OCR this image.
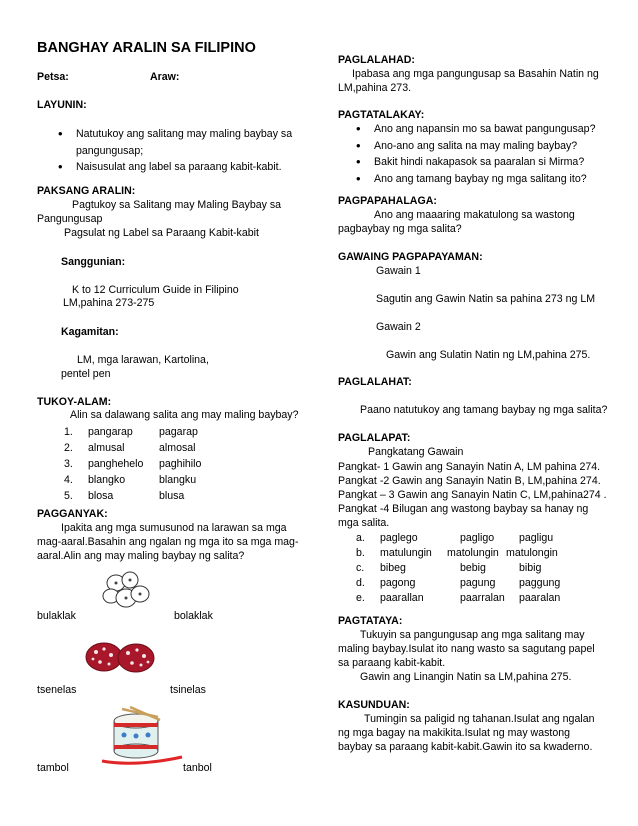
BANGHAY ARALIN SA FILIPINO
Petsa:	Araw:
LAYUNIN:
• Natutukoy ang salitang may maling baybay sa
pangungusap;
• Naisusulat ang label sa paraang kabit-kabit.
PAKSANG ARALIN:
Pagtukoy sa Salitang may Maling Baybay sa
Pangungusap
Pagsulat ng Label sa Paraang Kabit-kabit
Sanggunian:
K to 12 Curriculum Guide in Filipino
LM,pahina 273-275
Kagamitan:
LM, mga larawan, Kartolina,
pentel pen
TUKOY-ALAM:
Alin sa dalawang salita ang may maling baybay?
1. pangarap pagarap
2. almusal	almosal
3. panghehelo paghihilo
4. blangko	blangku
5. blosa	blusa
PAGGANYAK:
Ipakita ang mga sumusunod na larawan sa mga
mag-aaral.Basahin ang ngalan ng mga ito sa mga mag-
aaral.Alin ang may maling baybay ng salita?
bulaklak	bolaklak
tsenelas	tsinelas
tambol	tanbol
PAGLALAHAD:
Ipabasa ang mga pangungusap sa Basahin Natin ng
LM,pahina 273.
PAGTATALAKAY:
• Ano ang napansin mo sa bawat pangungusap?
• Ano-ano ang salita na may maling baybay?
• Bakit hindi nakapasok sa paaralan si Mirma?
• Ano ang tamang baybay ng mga salitang ito?
´
PAGPAPAHALAGA:
Ano ang maaaring makatulong sa wastong
pagbaybay ng mga salita?
GAWAING PAGPAPAYAMAN:
Gawain 1
Sagutin ang Gawin Natin sa pahina 273 ng LM
Gawain 2
Gawin ang Sulatin Natin ng LM,pahina 275.
PAGLALAHAT:
Paano natutukoy ang tamang baybay ng mga salita?
PAGLALAPAT:
Pangkatang Gawain
Pangkat- 1 Gawin ang Sanayin Natin A, LM pahina 274.
Pangkat -2 Gawin ang Sanayin Natin B, LM,pahina 274.
Pangkat – 3 Gawin ang Sanayin Natin C, LM,pahina274 .
Pangkat -4 Bilugan ang wastong baybay sa hanay ng
mga salita.
a. paglego	pagligo pagligu
b. matulungin matolungin matulongin
c. bibeg	bebig	bibig
d. pagong	pagung paggung
e. paarallan	paarralan paaralan
PAGTATAYA:
Tukuyin sa pangungusap ang mga salitang may
maling baybay.Isulat ito nang wasto sa sagutang papel
sa paraang kabit-kabit.
Gawin ang Linangin Natin sa LM,pahina 275.
KASUNDUAN:
Tumingin sa paligid ng tahanan.Isulat ang ngalan
ng mga bagay na makikita.Isulat ng may wastong
baybay sa paraang kabit-kabit.Gawin ito sa kwaderno.
